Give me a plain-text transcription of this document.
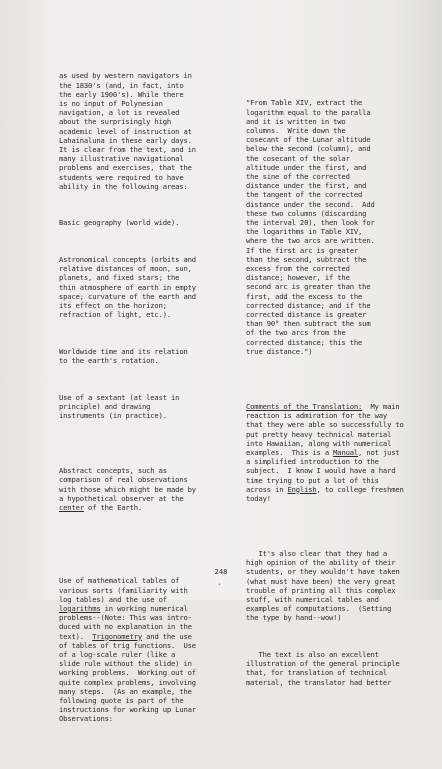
as used by western navigators in
the 1830's (and, in fact, into
the early 1900's). While there
is no input of Polynesian
navigation, a lot is revealed
about the surprisingly high
academic level of instruction at
Lahainaluna in these early days.
It is clear from the text, and in
many illustrative navigational
problems and exercises, that the
students were required to have
ability in the following areas:

Basic geography (world wide).

Astronomical concepts (orbits and
relative distances of moon, sun,
planets, and fixed stars; the
thin atmosphere of earth in empty
space; curvature of the earth and
its effect on the horizon;
refraction of light, etc.).

Worldwide time and its relation
to the earth's rotation.

Use of a sextant (at least in
principle) and drawing
instruments (in practice).

Abstract concepts, such as
comparison of real observations
with those which might be made by
a hypothetical observer at the
center of the Earth.

Use of mathematical tables of
various sorts (familiarity with
log tables) and the use of
logarithms in working numerical
problems--(Note: This was intro-
duced with no explanation in the
text).  Trigonometry and the use
of tables of trig functions.  Use
of a log-scale ruler (like a
slide rule without the slide) in
working problems.  Working out of
quite complex problems, involving
many steps.  (As an example, the
following quote is part of the
instructions for working up Lunar
Observations:

"From Table XIV, extract the
logarithm equal to the paralla
and it is written in two
columns.  Write down the
cosecant of the Lunar altitude
below the second (column), and
the cosecant of the solar
altitude under the first, and
the sine of the corrected
distance under the first, and
the tangent of the corrected
distance under the second.  Add
these two columns (discarding
the interval 20), then look for
the logarithms in Table XIV,
where the two arcs are written.
If the first arc is greater
than the second, subtract the
excess from the corrected
distance; however, if the
second arc is greater than the
first, add the excess to the
corrected distance; and if the
corrected distance is greater
than 90° then subtract the sum
of the two arcs from the
corrected distance; this the
true distance.")

Comments of the Translation:  My main
reaction is admiration for the way
that they were able so successfully to
put pretty heavy technical material
into Hawaiian, along with numerical
examples.  This is a Manual, not just
a simplified introduction to the
subject.  I know I would have a hard
time trying to put a lot of this
across in English, to college freshmen
today!

It's also clear that they had a
high opinion of the ability of their
students, or they wouldn't have taken
(what must have been) the very great
trouble of printing all this complex
stuff, with numerical tables and
examples of computations.  (Setting
the type by hand--wow!)

The text is also an excellent
illustration of the general principle
that, for translation of technical
material, the translator had better

248
•
